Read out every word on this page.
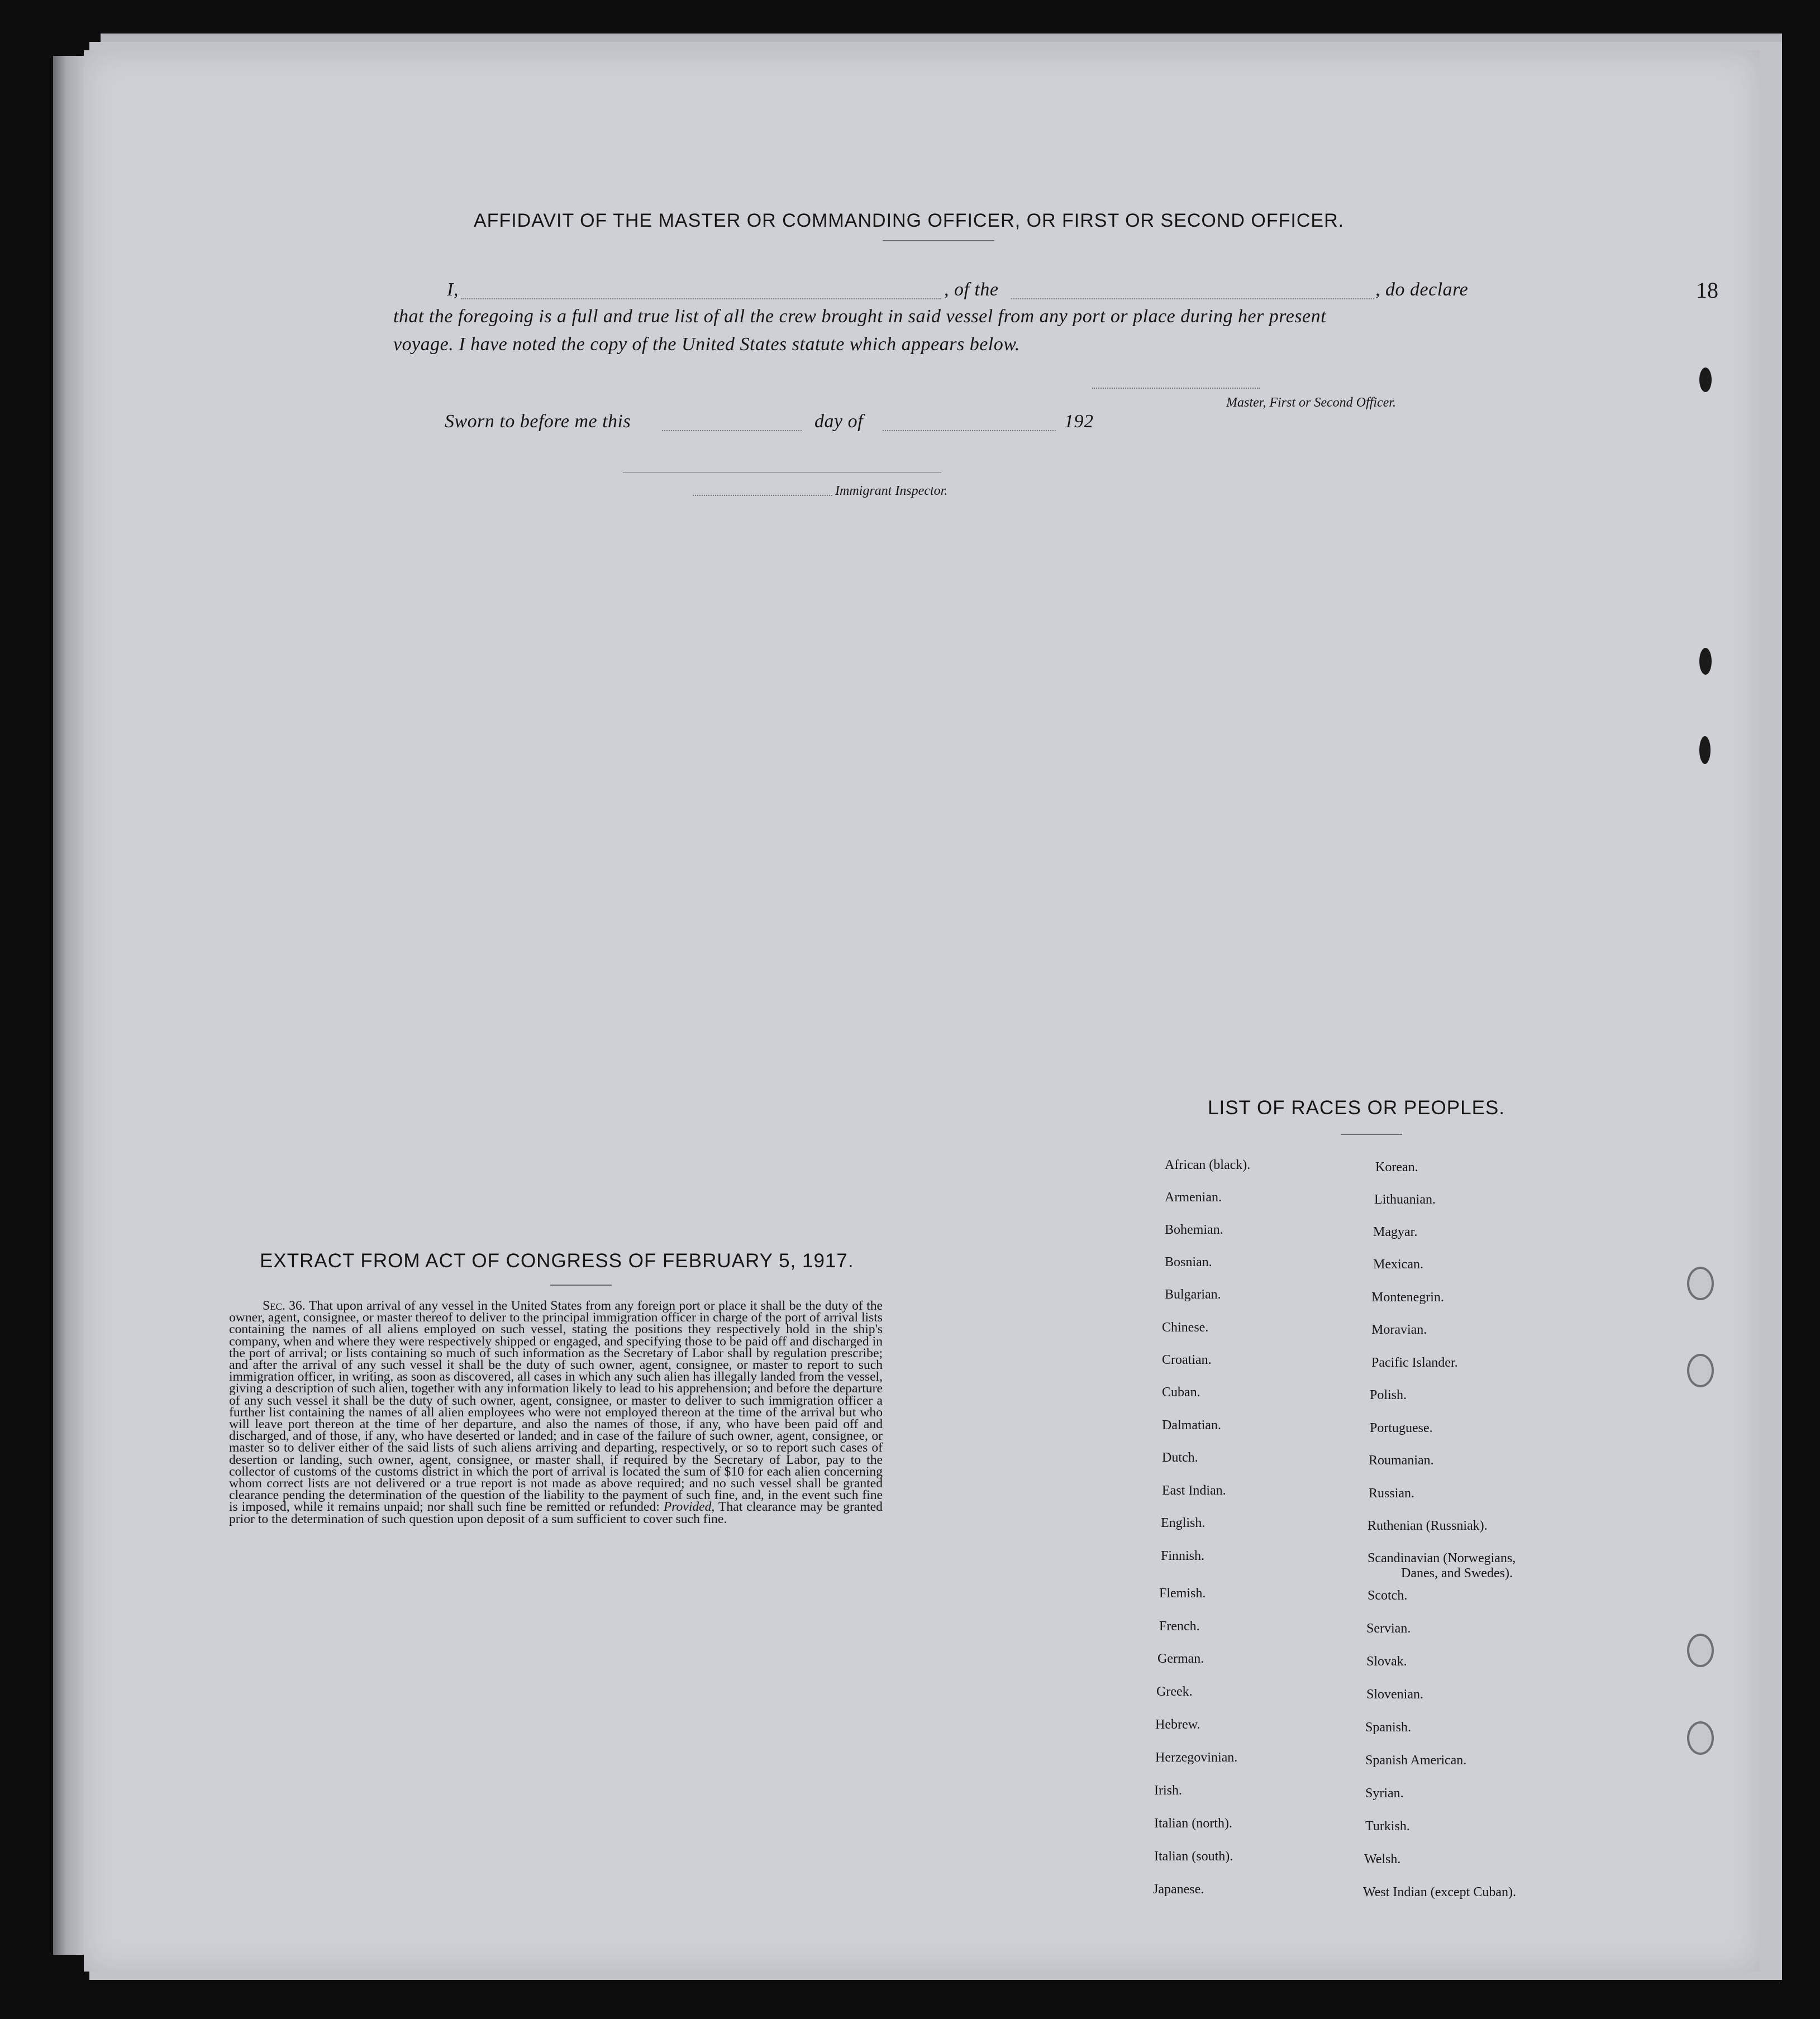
AFFIDAVIT OF THE MASTER OR COMMANDING OFFICER, OR FIRST OR SECOND OFFICER.
I,	, of the	, do declare
that the foregoing is a full and true list of all the crew brought in said vessel from any port or place during her present
voyage. I have noted the copy of the United States statute which appears below.
Master, First or Second Officer.
Sworn to before me this	day of	192
Immigrant Inspector.
18
EXTRACT FROM ACT OF CONGRESS OF FEBRUARY 5, 1917.
Sec. 36. That upon arrival of any vessel in the United States from any foreign port or place it shall be the duty of the owner, agent, consignee, or master thereof to deliver to the principal immigration officer in charge of the port of arrival lists containing the names of all aliens employed on such vessel, stating the positions they respectively hold in the ship's company, when and where they were respectively shipped or engaged, and specifying those to be paid off and discharged in the port of arrival; or lists containing so much of such information as the Secretary of Labor shall by regulation prescribe; and after the arrival of any such vessel it shall be the duty of such owner, agent, consignee, or master to report to such immigration officer, in writing, as soon as discovered, all cases in which any such alien has illegally landed from the vessel, giving a description of such alien, together with any information likely to lead to his apprehension; and before the departure of any such vessel it shall be the duty of such owner, agent, consignee, or master to deliver to such immigration officer a further list containing the names of all alien employees who were not employed thereon at the time of the arrival but who will leave port thereon at the time of her departure, and also the names of those, if any, who have been paid off and discharged, and of those, if any, who have deserted or landed; and in case of the failure of such owner, agent, consignee, or master so to deliver either of the said lists of such aliens arriving and departing, respectively, or so to report such cases of desertion or landing, such owner, agent, consignee, or master shall, if required by the Secretary of Labor, pay to the collector of customs of the customs district in which the port of arrival is located the sum of $10 for each alien concerning whom correct lists are not delivered or a true report is not made as above required; and no such vessel shall be granted clearance pending the determination of the question of the liability to the payment of such fine, and, in the event such fine is imposed, while it remains unpaid; nor shall such fine be remitted or refunded: Provided, That clearance may be granted prior to the determination of such question upon deposit of a sum sufficient to cover such fine.
LIST OF RACES OR PEOPLES.
African (black).
Armenian.
Bohemian.
Bosnian.
Bulgarian.
Chinese.
Croatian.
Cuban.
Dalmatian.
Dutch.
East Indian.
English.
Finnish.
Flemish.
French.
German.
Greek.
Hebrew.
Herzegovinian.
Irish.
Italian (north).
Italian (south).
Japanese.
Korean.
Lithuanian.
Magyar.
Mexican.
Montenegrin.
Moravian.
Pacific Islander.
Polish.
Portuguese.
Roumanian.
Russian.
Ruthenian (Russniak).
Scandinavian (Norwegians,
Danes, and Swedes).
Scotch.
Servian.
Slovak.
Slovenian.
Spanish.
Spanish American.
Syrian.
Turkish.
Welsh.
West Indian (except Cuban).
